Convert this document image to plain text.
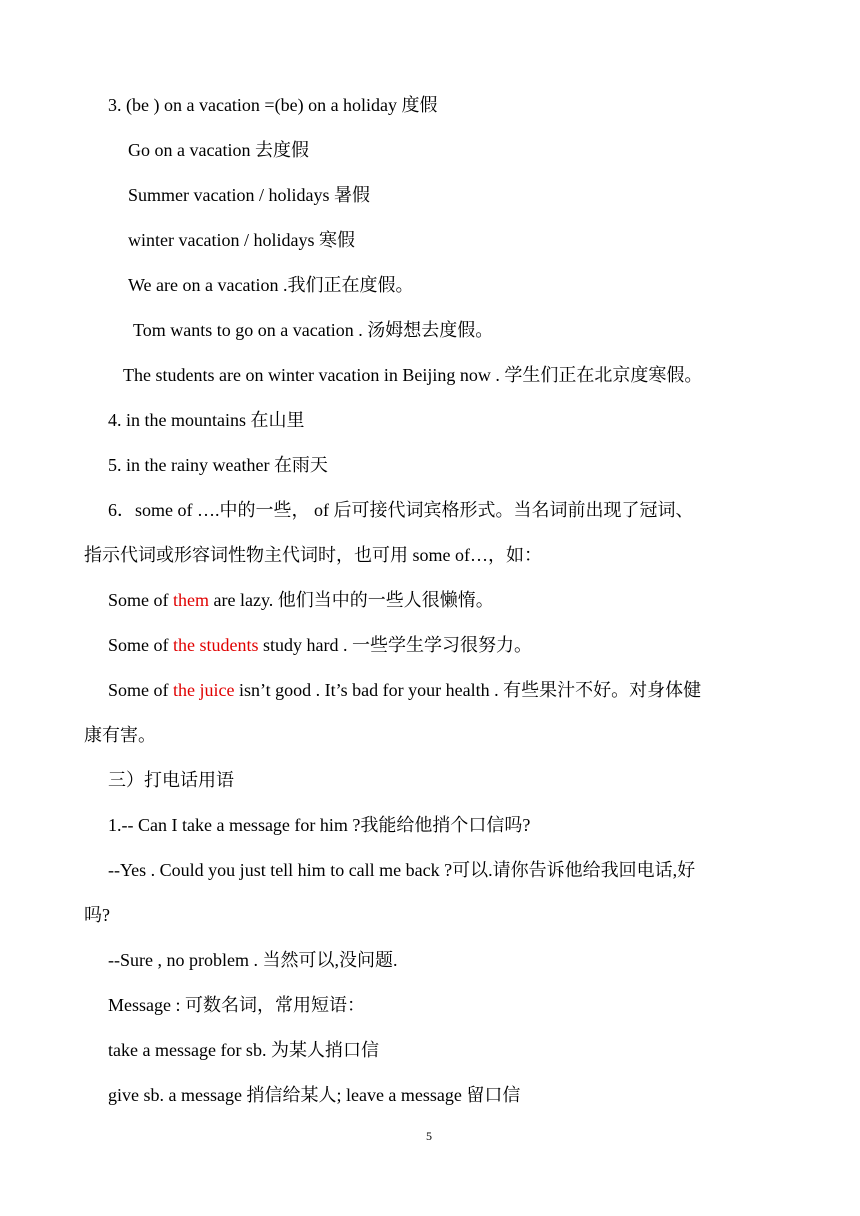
3. (be ) on a vacation =(be) on a holiday 度假
Go on a vacation 去度假
Summer vacation / holidays 暑假
winter vacation / holidays 寒假
We are on a vacation .我们正在度假。
Tom wants to go on a vacation . 汤姆想去度假。
The students are on winter vacation in Beijing now . 学生们正在北京度寒假。
4. in the mountains 在山里
5. in the rainy weather 在雨天
6．some of ….中的一些， of 后可接代词宾格形式。当名词前出现了冠词、
指示代词或形容词性物主代词时，也可用 some of…，如：
Some of them are lazy. 他们当中的一些人很懒惰。
Some of the students study hard . 一些学生学习很努力。
Some of the juice isn’t good . It’s bad for your health . 有些果汁不好。对身体健
康有害。
三）打电话用语
1.-- Can I take a message for him ?我能给他捎个口信吗?
--Yes . Could you just tell him to call me back ?可以.请你告诉他给我回电话,好
吗?
--Sure , no problem . 当然可以,没问题.
Message : 可数名词，常用短语：
take a message for sb. 为某人捎口信
give sb. a message 捎信给某人; leave a message 留口信
5
